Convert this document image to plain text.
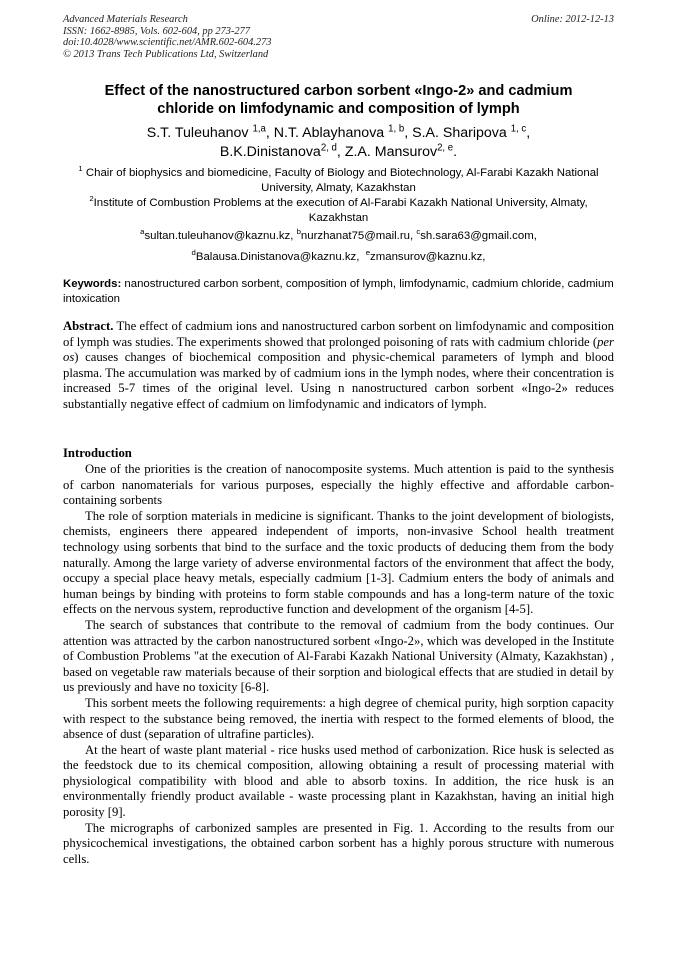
Advanced Materials Research
ISSN: 1662-8985, Vols. 602-604, pp 273-277
doi:10.4028/www.scientific.net/AMR.602-604.273
© 2013 Trans Tech Publications Ltd, Switzerland
Online: 2012-12-13
Effect of the nanostructured carbon sorbent «Ingo-2» and cadmium
chloride on limfodynamic and composition of lymph
S.T. Tuleuhanov $^{1,a}$, N.T. Ablayhanova $^{1, b}$, S.A. Sharipova $^{1, c}$,
B.K.Dinistanova$^{2, d}$, Z.A. Mansurov$^{2, e}$.
$^1$ Chair of biophysics and biomedicine, Faculty of Biology and Biotechnology, Al-Farabi Kazakh National University, Almaty, Kazakhstan
$^2$Institute of Combustion Problems at the execution of Al-Farabi Kazakh National University, Almaty, Kazakhstan
$^a$sultan.tuleuhanov@kaznu.kz, $^b$nurzhanat75@mail.ru, $^c$sh.sara63@gmail.com,
$^d$Balausa.Dinistanova@kaznu.kz, $^e$zmansurov@kaznu.kz,
Keywords: nanostructured carbon sorbent, composition of lymph, limfodynamic, cadmium chloride, cadmium intoxication
Abstract. The effect of cadmium ions and nanostructured carbon sorbent on limfodynamic and composition of lymph was studies. The experiments showed that prolonged poisoning of rats with cadmium chloride (per os) causes changes of biochemical composition and physic-chemical parameters of lymph and blood plasma. The accumulation was marked by of cadmium ions in the lymph nodes, where their concentration is increased 5-7 times of the original level. Using n nanostructured carbon sorbent «Ingo-2» reduces substantially negative effect of cadmium on limfodynamic and indicators of lymph.
Introduction

One of the priorities is the creation of nanocomposite systems. Much attention is paid to the synthesis of carbon nanomaterials for various purposes, especially the highly effective and affordable carbon-containing sorbents

The role of sorption materials in medicine is significant. Thanks to the joint development of biologists, chemists, engineers there appeared independent of imports, non-invasive School health treatment technology using sorbents that bind to the surface and the toxic products of deducing them from the body naturally. Among the large variety of adverse environmental factors of the environment that affect the body, occupy a special place heavy metals, especially cadmium [1-3]. Cadmium enters the body of animals and human beings by binding with proteins to form stable compounds and has a long-term nature of the toxic effects on the nervous system, reproductive function and development of the organism [4-5].

The search of substances that contribute to the removal of cadmium from the body continues. Our attention was attracted by the carbon nanostructured sorbent «Ingo-2», which was developed in the Institute of Combustion Problems "at the execution of Al-Farabi Kazakh National University (Almaty, Kazakhstan) , based on vegetable raw materials because of their sorption and biological effects that are studied in detail by us previously and have no toxicity [6-8].

This sorbent meets the following requirements: a high degree of chemical purity, high sorption capacity with respect to the substance being removed, the inertia with respect to the formed elements of blood, the absence of dust (separation of ultrafine particles).

At the heart of waste plant material - rice husks used method of carbonization. Rice husk is selected as the feedstock due to its chemical composition, allowing obtaining a result of processing material with physiological compatibility with blood and able to absorb toxins. In addition, the rice husk is an environmentally friendly product available - waste processing plant in Kazakhstan, having an initial high porosity [9].

The micrographs of carbonized samples are presented in Fig. 1. According to the results from our physicochemical investigations, the obtained carbon sorbent has a highly porous structure with numerous cells.
